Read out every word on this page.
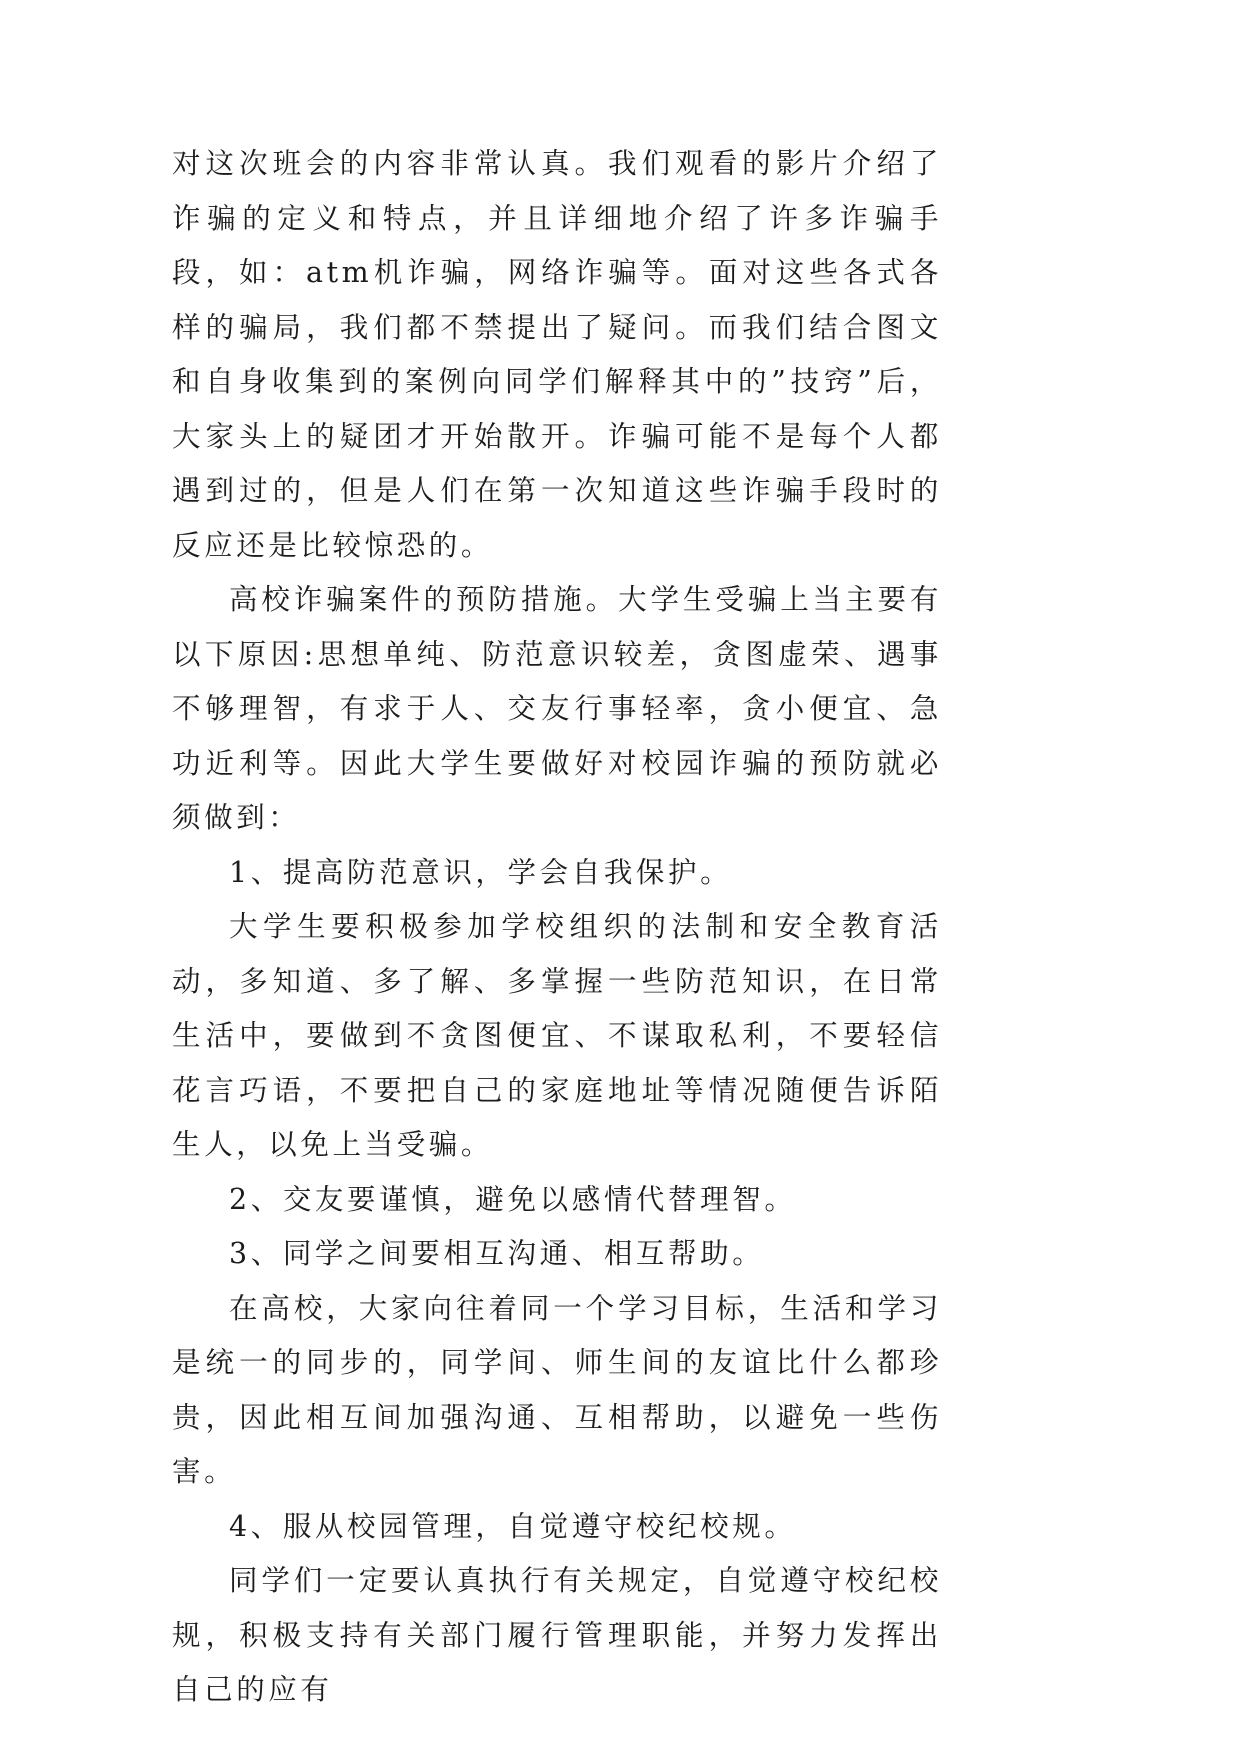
对这次班会的内容非常认真。我们观看的影片介绍了诈骗的定义和特点，并且详细地介绍了许多诈骗手段，如：atm机诈骗，网络诈骗等。面对这些各式各样的骗局，我们都不禁提出了疑问。而我们结合图文和自身收集到的案例向同学们解释其中的”技窍”后，大家头上的疑团才开始散开。诈骗可能不是每个人都遇到过的，但是人们在第一次知道这些诈骗手段时的反应还是比较惊恐的。

高校诈骗案件的预防措施。大学生受骗上当主要有以下原因:思想单纯、防范意识较差，贪图虚荣、遇事不够理智，有求于人、交友行事轻率，贪小便宜、急功近利等。因此大学生要做好对校园诈骗的预防就必须做到：

1、提高防范意识，学会自我保护。

大学生要积极参加学校组织的法制和安全教育活动，多知道、多了解、多掌握一些防范知识，在日常生活中，要做到不贪图便宜、不谋取私利，不要轻信花言巧语，不要把自己的家庭地址等情况随便告诉陌生人，以免上当受骗。

2、交友要谨慎，避免以感情代替理智。

3、同学之间要相互沟通、相互帮助。

在高校，大家向往着同一个学习目标，生活和学习是统一的同步的，同学间、师生间的友谊比什么都珍贵，因此相互间加强沟通、互相帮助，以避免一些伤害。

4、服从校园管理，自觉遵守校纪校规。

同学们一定要认真执行有关规定，自觉遵守校纪校规，积极支持有关部门履行管理职能，并努力发挥出自己的应有
